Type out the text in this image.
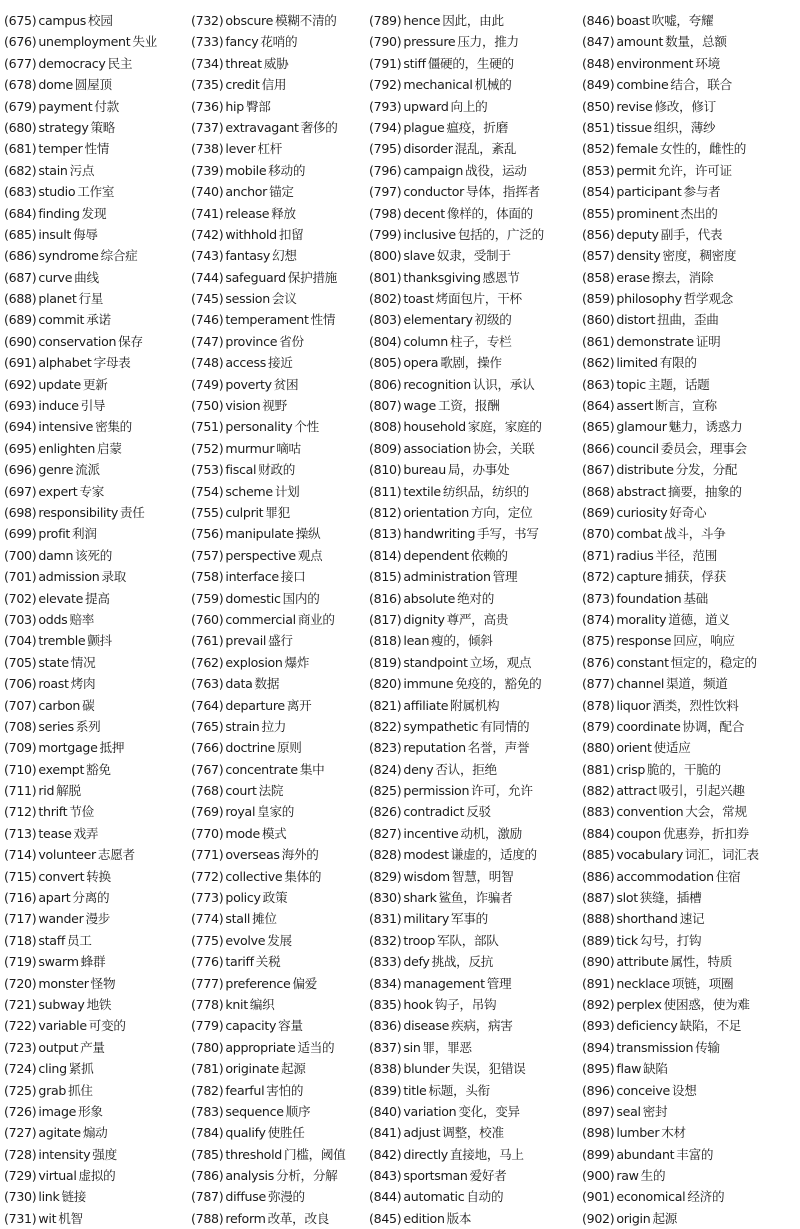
(675) campus 校园
(676) unemployment 失业
(677) democracy 民主
(678) dome 圆屋顶
(679) payment 付款
(680) strategy 策略
(681) temper 性情
(682) stain 污点
(683) studio 工作室
(684) finding 发现
(685) insult 侮辱
(686) syndrome 综合症
(687) curve 曲线
(688) planet 行星
(689) commit 承诺
(690) conservation 保存
(691) alphabet 字母表
(692) update 更新
(693) induce 引导
(694) intensive 密集的
(695) enlighten 启蒙
(696) genre 流派
(697) expert 专家
(698) responsibility 责任
(699) profit 利润
(700) damn 该死的
(701) admission 录取
(702) elevate 提高
(703) odds 赔率
(704) tremble 颤抖
(705) state 情况
(706) roast 烤肉
(707) carbon 碳
(708) series 系列
(709) mortgage 抵押
(710) exempt 豁免
(711) rid 解脱
(712) thrift 节俭
(713) tease 戏弄
(714) volunteer 志愿者
(715) convert 转换
(716) apart 分离的
(717) wander 漫步
(718) staff 员工
(719) swarm 蜂群
(720) monster 怪物
(721) subway 地铁
(722) variable 可变的
(723) output 产量
(724) cling 紧抓
(725) grab 抓住
(726) image 形象
(727) agitate 煽动
(728) intensity 强度
(729) virtual 虚拟的
(730) link 链接
(731) wit 机智
(732) obscure 模糊不清的
(733) fancy 花哨的
(734) threat 威胁
(735) credit 信用
(736) hip 臀部
(737) extravagant 奢侈的
(738) lever 杠杆
(739) mobile 移动的
(740) anchor 锚定
(741) release 释放
(742) withhold 扣留
(743) fantasy 幻想
(744) safeguard 保护措施
(745) session 会议
(746) temperament 性情
(747) province 省份
(748) access 接近
(749) poverty 贫困
(750) vision 视野
(751) personality 个性
(752) murmur 嘀咕
(753) fiscal 财政的
(754) scheme 计划
(755) culprit 罪犯
(756) manipulate 操纵
(757) perspective 观点
(758) interface 接口
(759) domestic 国内的
(760) commercial 商业的
(761) prevail 盛行
(762) explosion 爆炸
(763) data 数据
(764) departure 离开
(765) strain 拉力
(766) doctrine 原则
(767) concentrate 集中
(768) court 法院
(769) royal 皇家的
(770) mode 模式
(771) overseas 海外的
(772) collective 集体的
(773) policy 政策
(774) stall 摊位
(775) evolve 发展
(776) tariff 关税
(777) preference 偏爱
(778) knit 编织
(779) capacity 容量
(780) appropriate 适当的
(781) originate 起源
(782) fearful 害怕的
(783) sequence 顺序
(784) qualify 使胜任
(785) threshold 门槛，阈值
(786) analysis 分析，分解
(787) diffuse 弥漫的
(788) reform 改革，改良
(789) hence 因此，由此
(790) pressure 压力，推力
(791) stiff 僵硬的，生硬的
(792) mechanical 机械的
(793) upward 向上的
(794) plague 瘟疫，折磨
(795) disorder 混乱，紊乱
(796) campaign 战役，运动
(797) conductor 导体，指挥者
(798) decent 像样的，体面的
(799) inclusive 包括的，广泛的
(800) slave 奴隶，受制于
(801) thanksgiving 感恩节
(802) toast 烤面包片，干杯
(803) elementary 初级的
(804) column 柱子，专栏
(805) opera 歌剧，操作
(806) recognition 认识，承认
(807) wage 工资，报酬
(808) household 家庭，家庭的
(809) association 协会，关联
(810) bureau 局，办事处
(811) textile 纺织品，纺织的
(812) orientation 方向，定位
(813) handwriting 手写，书写
(814) dependent 依赖的
(815) administration 管理
(816) absolute 绝对的
(817) dignity 尊严，高贵
(818) lean 瘦的，倾斜
(819) standpoint 立场，观点
(820) immune 免疫的，豁免的
(821) affiliate 附属机构
(822) sympathetic 有同情的
(823) reputation 名誉，声誉
(824) deny 否认，拒绝
(825) permission 许可，允许
(826) contradict 反驳
(827) incentive 动机，激励
(828) modest 谦虚的，适度的
(829) wisdom 智慧，明智
(830) shark 鲨鱼，诈骗者
(831) military 军事的
(832) troop 军队，部队
(833) defy 挑战，反抗
(834) management 管理
(835) hook 钩子，吊钩
(836) disease 疾病，病害
(837) sin 罪，罪恶
(838) blunder 失误，犯错误
(839) title 标题，头衔
(840) variation 变化，变异
(841) adjust 调整，校准
(842) directly 直接地，马上
(843) sportsman 爱好者
(844) automatic 自动的
(845) edition 版本
(846) boast 吹嘘，夸耀
(847) amount 数量，总额
(848) environment 环境
(849) combine 结合，联合
(850) revise 修改，修订
(851) tissue 组织，薄纱
(852) female 女性的，雌性的
(853) permit 允许，许可证
(854) participant 参与者
(855) prominent 杰出的
(856) deputy 副手，代表
(857) density 密度，稠密度
(858) erase 擦去，消除
(859) philosophy 哲学观念
(860) distort 扭曲，歪曲
(861) demonstrate 证明
(862) limited 有限的
(863) topic 主题，话题
(864) assert 断言，宣称
(865) glamour 魅力，诱惑力
(866) council 委员会，理事会
(867) distribute 分发，分配
(868) abstract 摘要，抽象的
(869) curiosity 好奇心
(870) combat 战斗，斗争
(871) radius 半径，范围
(872) capture 捕获，俘获
(873) foundation 基础
(874) morality 道德，道义
(875) response 回应，响应
(876) constant 恒定的，稳定的
(877) channel 渠道，频道
(878) liquor 酒类，烈性饮料
(879) coordinate 协调，配合
(880) orient 使适应
(881) crisp 脆的，干脆的
(882) attract 吸引，引起兴趣
(883) convention 大会，常规
(884) coupon 优惠券，折扣券
(885) vocabulary 词汇，词汇表
(886) accommodation 住宿
(887) slot 狭缝，插槽
(888) shorthand 速记
(889) tick 勾号，打钩
(890) attribute 属性，特质
(891) necklace 项链，项圈
(892) perplex 使困惑，使为难
(893) deficiency 缺陷，不足
(894) transmission 传输
(895) flaw 缺陷
(896) conceive 设想
(897) seal 密封
(898) lumber 木材
(899) abundant 丰富的
(900) raw 生的
(901) economical 经济的
(902) origin 起源
